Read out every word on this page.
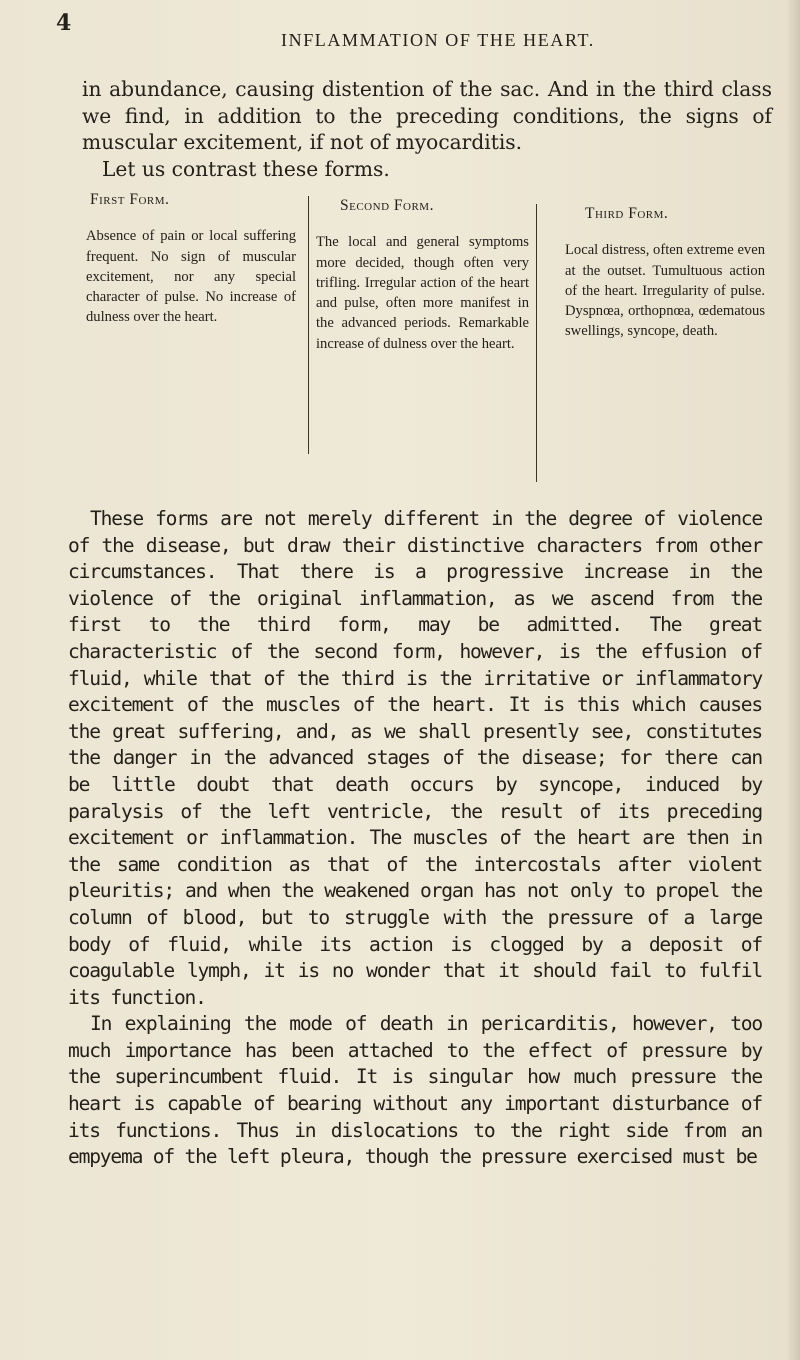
4
INFLAMMATION OF THE HEART.

in abundance, causing distention of the sac. And in the third class we find, in addition to the preceding conditions, the signs of muscular excitement, if not of myocarditis.

Let us contrast these forms.

First Form.

Absence of pain or local suffering frequent. No sign of muscular excitement, nor any special character of pulse. No increase of dulness over the heart.

Second Form.

The local and general symptoms more decided, though often very trifling. Irregular action of the heart and pulse, often more manifest in the advanced periods. Remarkable increase of dulness over the heart.

Third Form.

Local distress, often extreme even at the outset. Tumultuous action of the heart. Irregularity of pulse. Dyspnœa, orthopnœa, œdematous swellings, syncope, death.

These forms are not merely different in the degree of violence of the disease, but draw their distinctive characters from other circumstances. That there is a progressive increase in the violence of the original inflammation, as we ascend from the first to the third form, may be admitted. The great characteristic of the second form, however, is the effusion of fluid, while that of the third is the irritative or inflammatory excitement of the muscles of the heart. It is this which causes the great suffering, and, as we shall presently see, constitutes the danger in the advanced stages of the disease; for there can be little doubt that death occurs by syncope, induced by paralysis of the left ventricle, the result of its preceding excitement or inflammation. The muscles of the heart are then in the same condition as that of the intercostals after violent pleuritis; and when the weakened organ has not only to propel the column of blood, but to struggle with the pressure of a large body of fluid, while its action is clogged by a deposit of coagulable lymph, it is no wonder that it should fail to fulfil its function.

In explaining the mode of death in pericarditis, however, too much importance has been attached to the effect of pressure by the superincumbent fluid. It is singular how much pressure the heart is capable of bearing without any important disturbance of its functions. Thus in dislocations to the right side from an empyema of the left pleura, though the pressure exercised must be
